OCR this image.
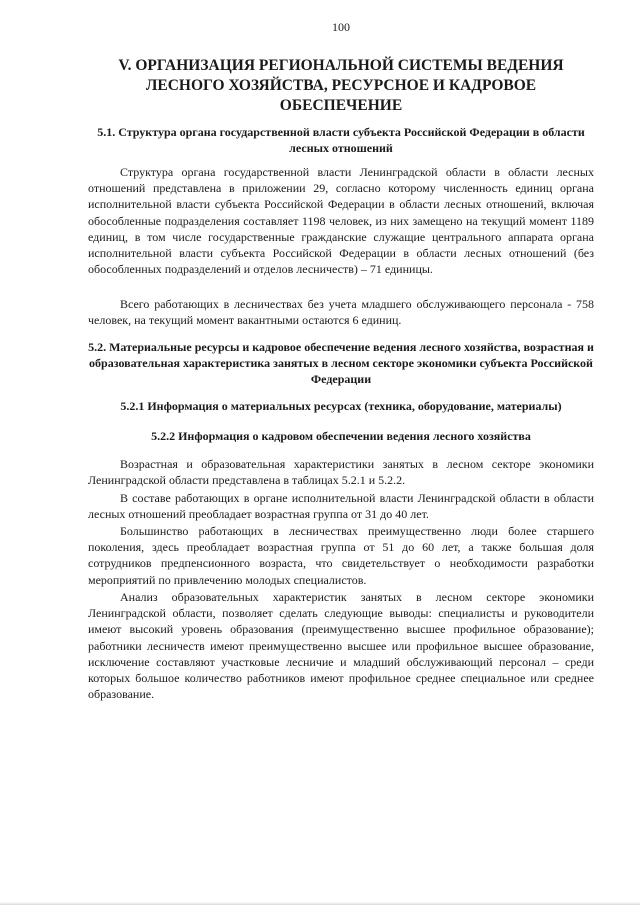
100
V. ОРГАНИЗАЦИЯ РЕГИОНАЛЬНОЙ СИСТЕМЫ ВЕДЕНИЯ ЛЕСНОГО ХОЗЯЙСТВА, РЕСУРСНОЕ И КАДРОВОЕ ОБЕСПЕЧЕНИЕ
5.1. Структура органа государственной власти субъекта Российской Федерации в области лесных отношений
Структура органа государственной власти Ленинградской области в области лесных отношений представлена в приложении 29, согласно которому численность единиц органа исполнительной власти субъекта Российской Федерации в области лесных отношений, включая обособленные подразделения составляет 1198 человек, из них замещено на текущий момент 1189 единиц, в том числе государственные гражданские служащие центрального аппарата органа исполнительной власти субъекта Российской Федерации в области лесных отношений (без обособленных подразделений и отделов лесничеств) – 71 единицы.
Всего работающих в лесничествах без учета младшего обслуживающего персонала - 758 человек, на текущий момент вакантными остаются 6 единиц.
5.2. Материальные ресурсы и кадровое обеспечение ведения лесного хозяйства, возрастная и образовательная характеристика занятых в лесном секторе экономики субъекта Российской Федерации
5.2.1 Информация о материальных ресурсах (техника, оборудование, материалы)
5.2.2 Информация о кадровом обеспечении ведения лесного хозяйства
Возрастная и образовательная характеристики занятых в лесном секторе экономики Ленинградской области представлена в таблицах 5.2.1 и 5.2.2.
В составе работающих в органе исполнительной власти Ленинградской области в области лесных отношений преобладает возрастная группа от 31 до 40 лет.
Большинство работающих в лесничествах преимущественно люди более старшего поколения, здесь преобладает возрастная группа от 51 до 60 лет, а также большая доля сотрудников предпенсионного возраста, что свидетельствует о необходимости разработки мероприятий по привлечению молодых специалистов.
Анализ образовательных характеристик занятых в лесном секторе экономики Ленинградской области, позволяет сделать следующие выводы: специалисты и руководители имеют высокий уровень образования (преимущественно высшее профильное образование); работники лесничеств имеют преимущественно высшее или профильное высшее образование, исключение составляют участковые лесничие и младший обслуживающий персонал – среди которых большое количество работников имеют профильное среднее специальное или среднее образование.
